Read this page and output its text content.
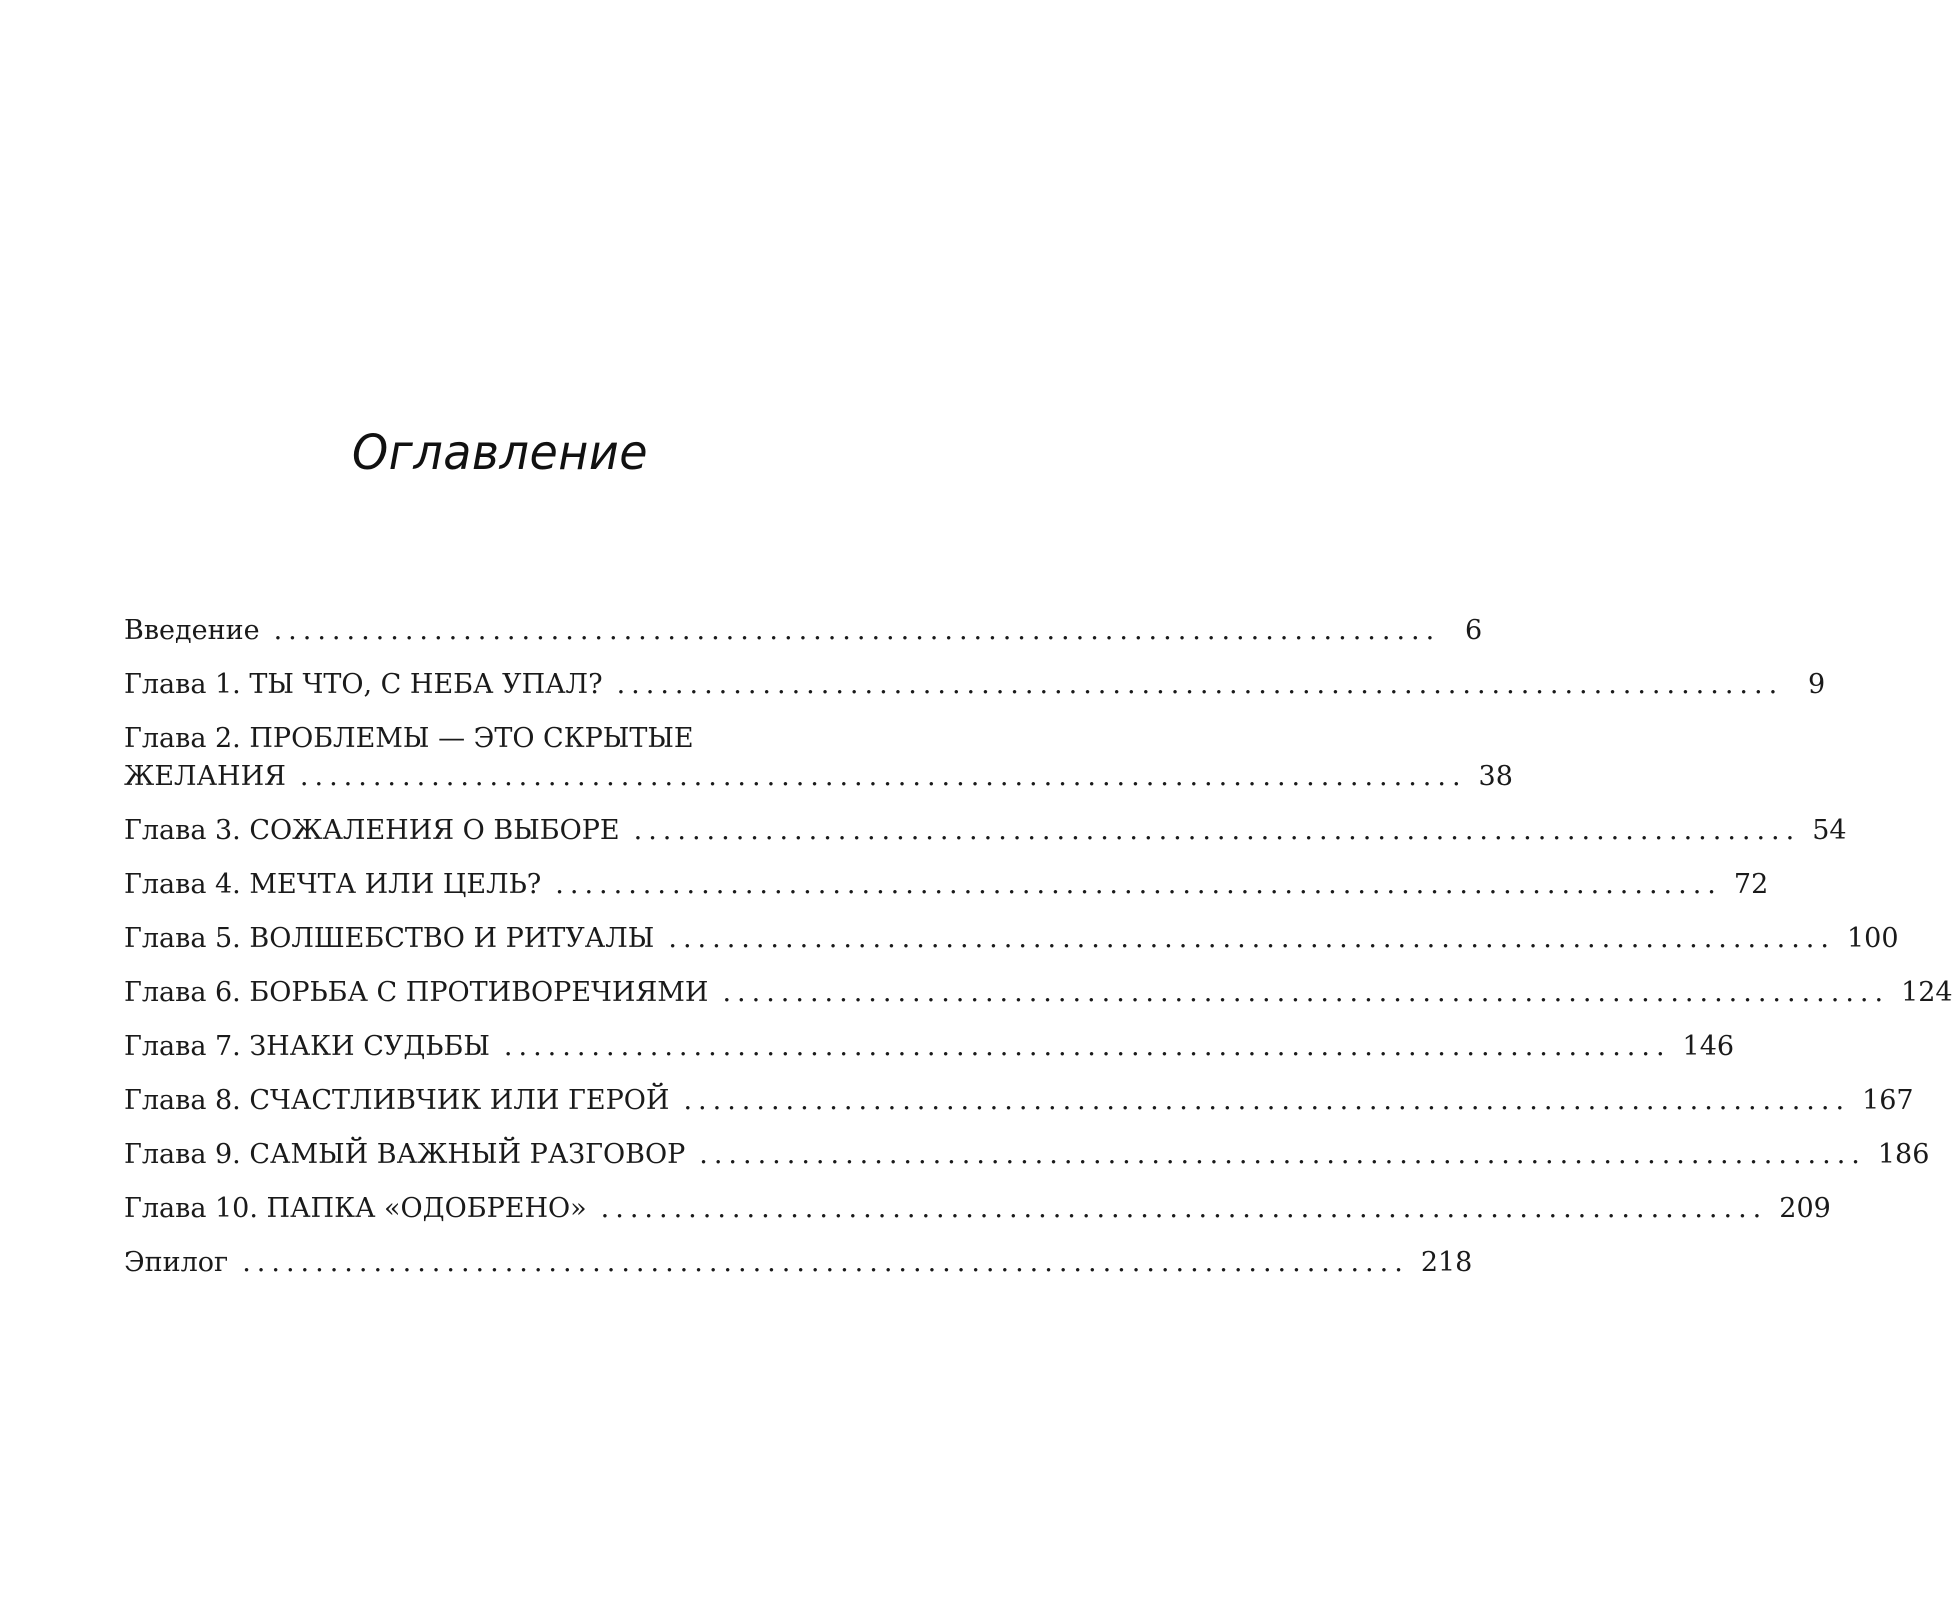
Оглавление
Введение ................................................................................ 6
Глава 1. ТЫ ЧТО, С НЕБА УПАЛ? ................................................................................ 9
Глава 2. ПРОБЛЕМЫ — ЭТО СКРЫТЫЕ
ЖЕЛАНИЯ ................................................................................ 38
Глава 3. СОЖАЛЕНИЯ О ВЫБОРЕ ................................................................................ 54
Глава 4. МЕЧТА ИЛИ ЦЕЛЬ? ................................................................................ 72
Глава 5. ВОЛШЕБСТВО И РИТУАЛЫ ................................................................................ 100
Глава 6. БОРЬБА С ПРОТИВОРЕЧИЯМИ ................................................................................ 124
Глава 7. ЗНАКИ СУДЬБЫ ................................................................................ 146
Глава 8. СЧАСТЛИВЧИК ИЛИ ГЕРОЙ ................................................................................ 167
Глава 9. САМЫЙ ВАЖНЫЙ РАЗГОВОР ................................................................................ 186
Глава 10. ПАПКА «ОДОБРЕНО» ................................................................................ 209
Эпилог ................................................................................ 218
